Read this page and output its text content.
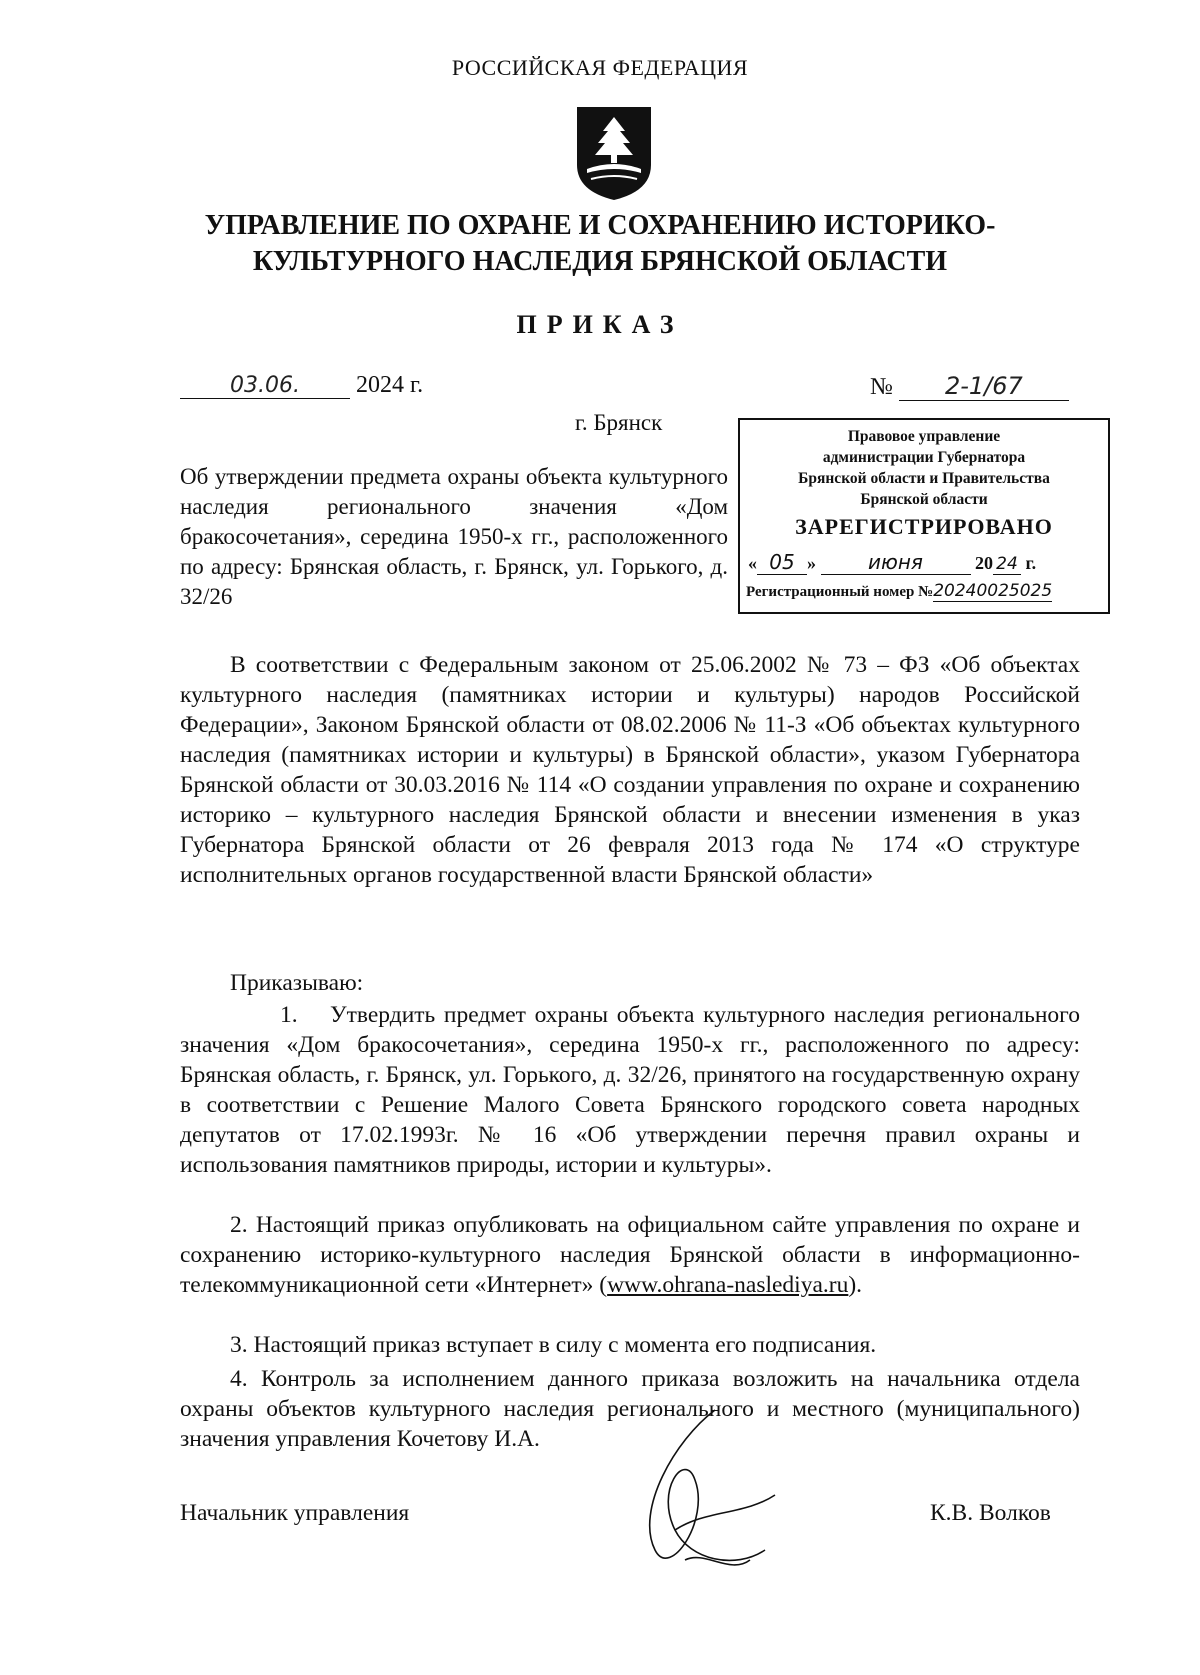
РОССИЙСКАЯ ФЕДЕРАЦИЯ
УПРАВЛЕНИЕ ПО ОХРАНЕ И СОХРАНЕНИЮ ИСТОРИКО-
КУЛЬТУРНОГО НАСЛЕДИЯ БРЯНСКОЙ ОБЛАСТИ
ПРИКАЗ
03.06. 2024 г.	№ 2-1/67
г. Брянск
Правовое управление
администрации Губернатора
Брянской области и Правительства
Брянской области
ЗАРЕГИСТРИРОВАНО
« 05 » июня	20 24 г.
Регистрационный номер №20240025025
Об утверждении предмета охраны объекта культурного наследия регионального значения «Дом бракосочетания», середина 1950-х гг., расположенного по адресу: Брянская область, г. Брянск, ул. Горького, д. 32/26

В соответствии с Федеральным законом от 25.06.2002 № 73 – ФЗ «Об объектах культурного наследия (памятниках истории и культуры) народов Российской Федерации», Законом Брянской области от 08.02.2006 № 11-З «Об объектах культурного наследия (памятниках истории и культуры) в Брянской области», указом Губернатора Брянской области от 30.03.2016 № 114 «О создании управления по охране и сохранению историко – культурного наследия Брянской области и внесении изменения в указ Губернатора Брянской области от 26 февраля 2013 года № 174 «О структуре исполнительных органов государственной власти Брянской области»

Приказываю:

1. Утвердить предмет охраны объекта культурного наследия регионального значения «Дом бракосочетания», середина 1950-х гг., расположенного по адресу: Брянская область, г. Брянск, ул. Горького, д. 32/26, принятого на государственную охрану в соответствии с Решение Малого Совета Брянского городского совета народных депутатов от 17.02.1993г. № 16 «Об утверждении перечня правил охраны и использования памятников природы, истории и культуры».

2. Настоящий приказ опубликовать на официальном сайте управления по охране и сохранению историко-культурного наследия Брянской области в информационно-телекоммуникационной сети «Интернет» (www.ohrana-naslediya.ru).

3. Настоящий приказ вступает в силу с момента его подписания.

4. Контроль за исполнением данного приказа возложить на начальника отдела охраны объектов культурного наследия регионального и местного (муниципального) значения управления Кочетову И.А.

Начальник управления	К.В. Волков
